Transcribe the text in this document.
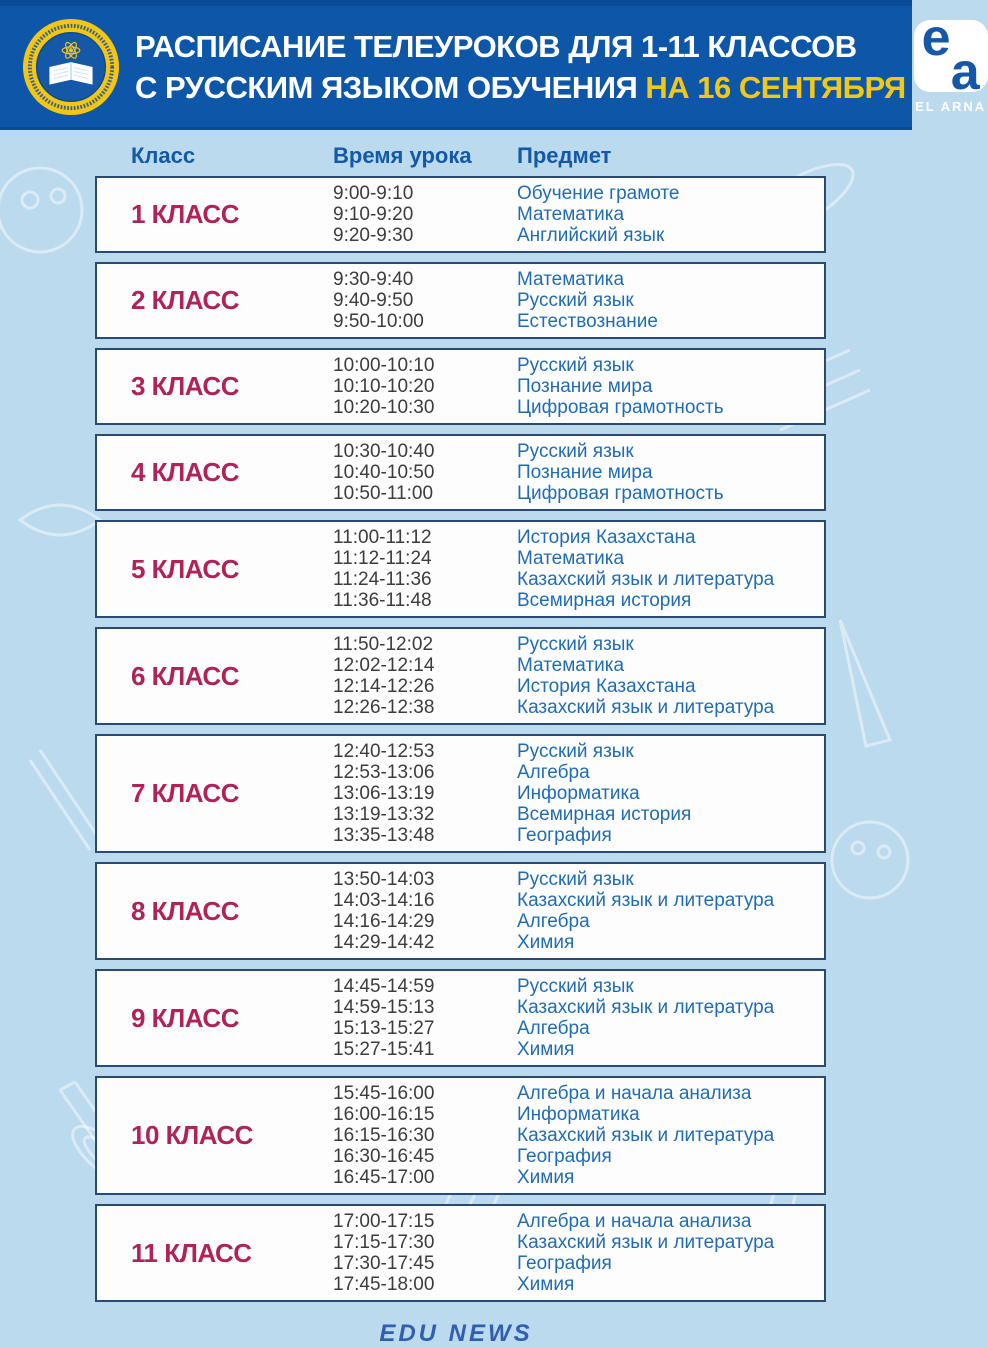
РАСПИСАНИЕ ТЕЛЕУРОКОВ ДЛЯ 1-11 КЛАССОВ
С РУССКИМ ЯЗЫКОМ ОБУЧЕНИЯ НА 16 СЕНТЯБРЯ
e
a
EL ARNA
Класс	Время урока	Предмет
1 КЛАСС
9:00-9:10
9:10-9:20
9:20-9:30
Обучение грамоте
Математика
Английский язык
2 КЛАСС
9:30-9:40
9:40-9:50
9:50-10:00
Математика
Русский язык
Естествознание
3 КЛАСС
10:00-10:10
10:10-10:20
10:20-10:30
Русский язык
Познание мира
Цифровая грамотность
4 КЛАСС
10:30-10:40
10:40-10:50
10:50-11:00
Русский язык
Познание мира
Цифровая грамотность
5 КЛАСС
11:00-11:12
11:12-11:24
11:24-11:36
11:36-11:48
История Казахстана
Математика
Казахский язык и литература
Всемирная история
6 КЛАСС
11:50-12:02
12:02-12:14
12:14-12:26
12:26-12:38
Русский язык
Математика
История Казахстана
Казахский язык и литература
7 КЛАСС
12:40-12:53
12:53-13:06
13:06-13:19
13:19-13:32
13:35-13:48
Русский язык
Алгебра
Информатика
Всемирная история
География
8 КЛАСС
13:50-14:03
14:03-14:16
14:16-14:29
14:29-14:42
Русский язык
Казахский язык и литература
Алгебра
Химия
9 КЛАСС
14:45-14:59
14:59-15:13
15:13-15:27
15:27-15:41
Русский язык
Казахский язык и литература
Алгебра
Химия
10 КЛАСС
15:45-16:00
16:00-16:15
16:15-16:30
16:30-16:45
16:45-17:00
Алгебра и начала анализа
Информатика
Казахский язык и литература
География
Химия
11 КЛАСС
17:00-17:15
17:15-17:30
17:30-17:45
17:45-18:00
Алгебра и начала анализа
Казахский язык и литература
География
Химия
EDU NEWS
